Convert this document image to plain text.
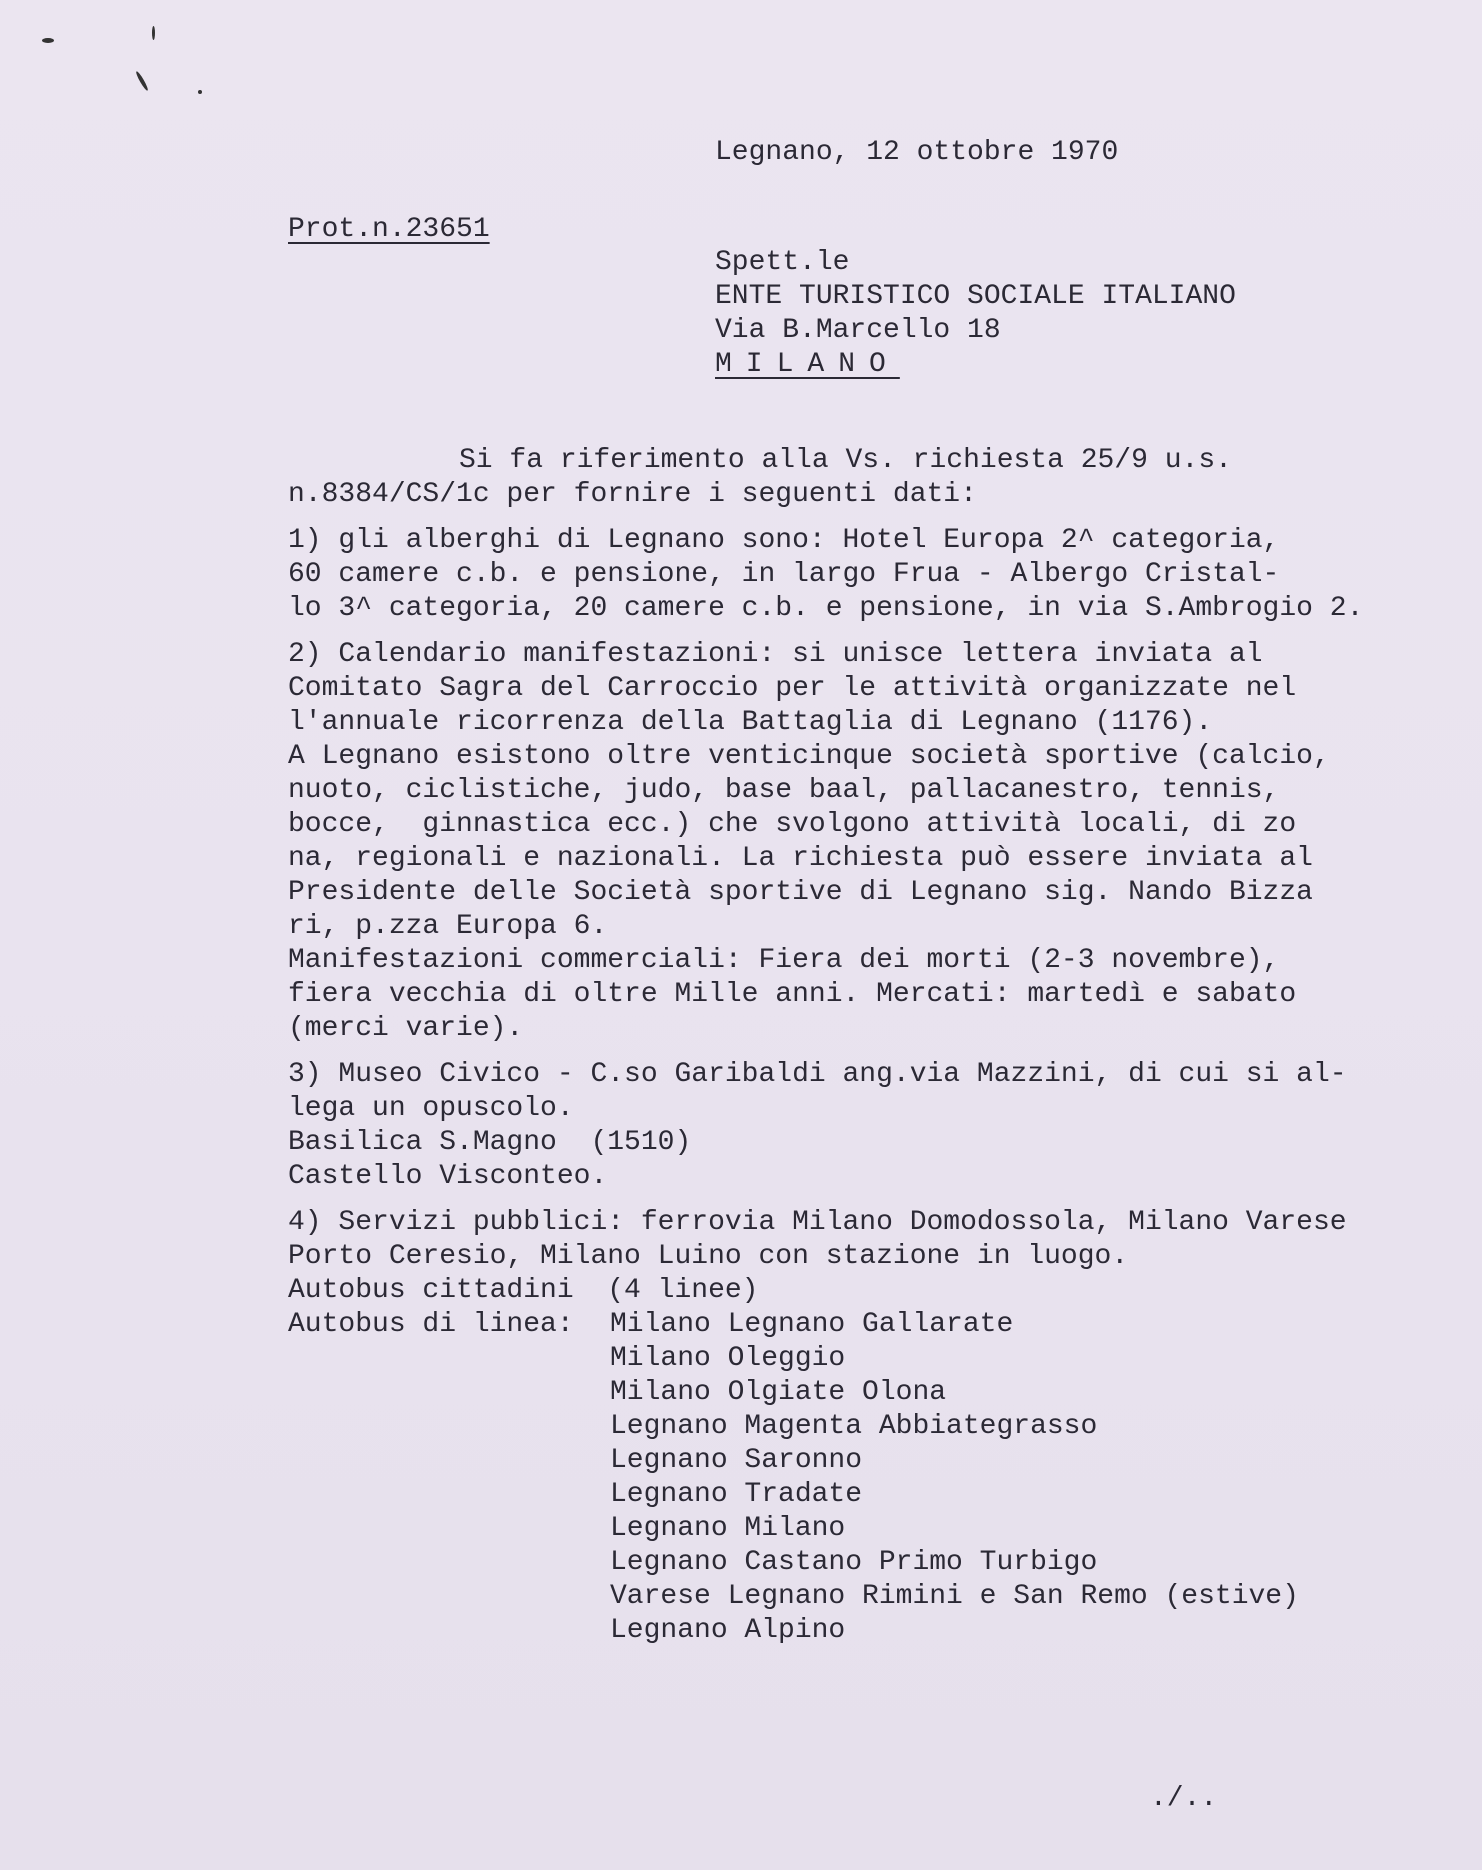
Legnano, 12 ottobre 1970
Prot.n.23651
Spett.le
ENTE TURISTICO SOCIALE ITALIANO
Via B.Marcello 18
MILANO
Si fa riferimento alla Vs. richiesta 25/9 u.s.
n.8384/CS/1c per fornire i seguenti dati:
1) gli alberghi di Legnano sono: Hotel Europa 2^ categoria,
60 camere c.b. e pensione, in largo Frua - Albergo Cristal-
lo 3^ categoria, 20 camere c.b. e pensione, in via S.Ambrogio 2.
2) Calendario manifestazioni: si unisce lettera inviata al
Comitato Sagra del Carroccio per le attività organizzate nel
l'annuale ricorrenza della Battaglia di Legnano (1176).
A Legnano esistono oltre venticinque società sportive (calcio,
nuoto, ciclistiche, judo, base baal, pallacanestro, tennis,
bocce,  ginnastica ecc.) che svolgono attività locali, di zo
na, regionali e nazionali. La richiesta può essere inviata al
Presidente delle Società sportive di Legnano sig. Nando Bizza
ri, p.zza Europa 6.
Manifestazioni commerciali: Fiera dei morti (2-3 novembre),
fiera vecchia di oltre Mille anni. Mercati: martedì e sabato
(merci varie).
3) Museo Civico - C.so Garibaldi ang.via Mazzini, di cui si al-
lega un opuscolo.
Basilica S.Magno  (1510)
Castello Visconteo.
4) Servizi pubblici: ferrovia Milano Domodossola, Milano Varese
Porto Ceresio, Milano Luino con stazione in luogo.
Autobus cittadini  (4 linee)
Autobus di linea:	Milano Legnano Gallarate
Milano Oleggio
Milano Olgiate Olona
Legnano Magenta Abbiategrasso
Legnano Saronno
Legnano Tradate
Legnano Milano
Legnano Castano Primo Turbigo
Varese Legnano Rimini e San Remo (estive)
Legnano Alpino
./..
